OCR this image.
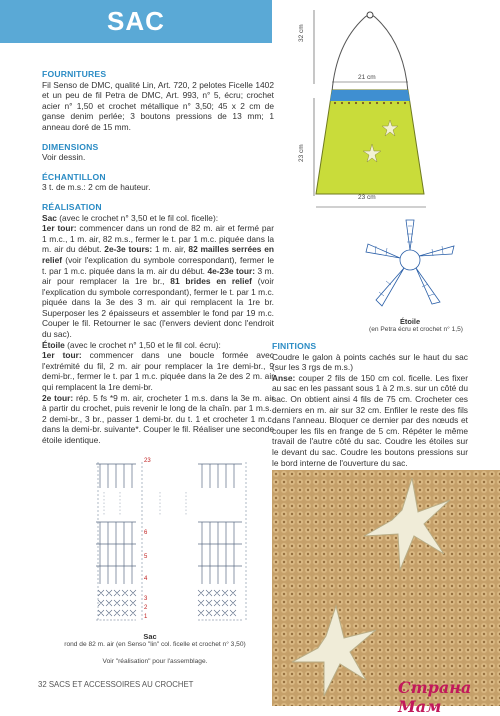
SAC

FOURNITURES

Fil Senso de DMC, qualité Lin, Art. 720, 2 pelotes Ficelle 1402 et un peu de fil Petra de DMC, Art. 993, n° 5, écru; crochet acier n° 1,50 et crochet métallique n° 3,50; 45 x 2 cm de ganse denim perlée; 3 boutons pressions de 13 mm; 1 anneau doré de 15 mm.

DIMENSIONS

Voir dessin.

ÉCHANTILLON

3 t. de m.s.: 2 cm de hauteur.

RÉALISATION

Sac (avec le crochet n° 3,50 et le fil col. ficelle):
1er tour: commencer dans un rond de 82 m. air et fermé par 1 m.c., 1 m. air, 82 m.s., fermer le t. par 1 m.c. piquée dans la m. air du début. 2e-3e tours: 1 m. air, 82 mailles serrées en relief (voir l'explication du symbole correspondant), fermer le t. par 1 m.c. piquée dans la m. air du début. 4e-23e tour: 3 m. air pour remplacer la 1re br., 81 brides en relief (voir l'explication du symbole correspondant), fermer le t. par 1 m.c. piquée dans la 3e des 3 m. air qui remplacent la 1re br. Superposer les 2 épaisseurs et assembler le fond par 19 m.c. Couper le fil. Retourner le sac (l'envers devient donc l'endroit du sac).

Étoile (avec le crochet n° 1,50 et le fil col. écru):
1er tour: commencer dans une boucle formée avec l'extrémité du fil, 2 m. air pour remplacer la 1re demi-br., 9 demi-br., fermer le t. par 1 m.c. piquée dans la 2e des 2 m. air qui remplacent la 1re demi-br.
2e tour: rép. 5 fs *9 m. air, crocheter 1 m.s. dans la 3e m. air à partir du crochet, puis revenir le long de la chaîn. par 1 m.s., 2 demi-br., 3 br., passer 1 demi-br. du t. 1 et crocheter 1 m.c. dans la demi-br. suivante*. Couper le fil. Réaliser une seconde étoile identique.

32 cm
21 cm
23 cm
23 cm
Étoile
(en Petra écru et crochet n° 1,5)

FINITIONS

Coudre le galon à points cachés sur le haut du sac (sur les 3 rgs de m.s.)

Anse: couper 2 fils de 150 cm col. ficelle. Les fixer au sac en les passant sous 1 à 2 m.s. sur un côté du sac. On obtient ainsi 4 fils de 75 cm. Crocheter ces derniers en m. air sur 32 cm. Enfiler le reste des fils dans l'anneau. Bloquer ce dernier par des nœuds et couper les fils en frange de 5 cm. Répéter le même travail de l'autre côté du sac. Coudre les étoiles sur le devant du sac. Coudre les boutons pressions sur le bord interne de l'ouverture du sac.

23
6
5
4
3
2
1
Sac
rond de 82 m. air (en Senso "lin" col. ficelle et crochet n° 3,50)
Voir "réalisation" pour l'assemblage.
32 SACS ET ACCESSOIRES AU CROCHET	Страна Мам
